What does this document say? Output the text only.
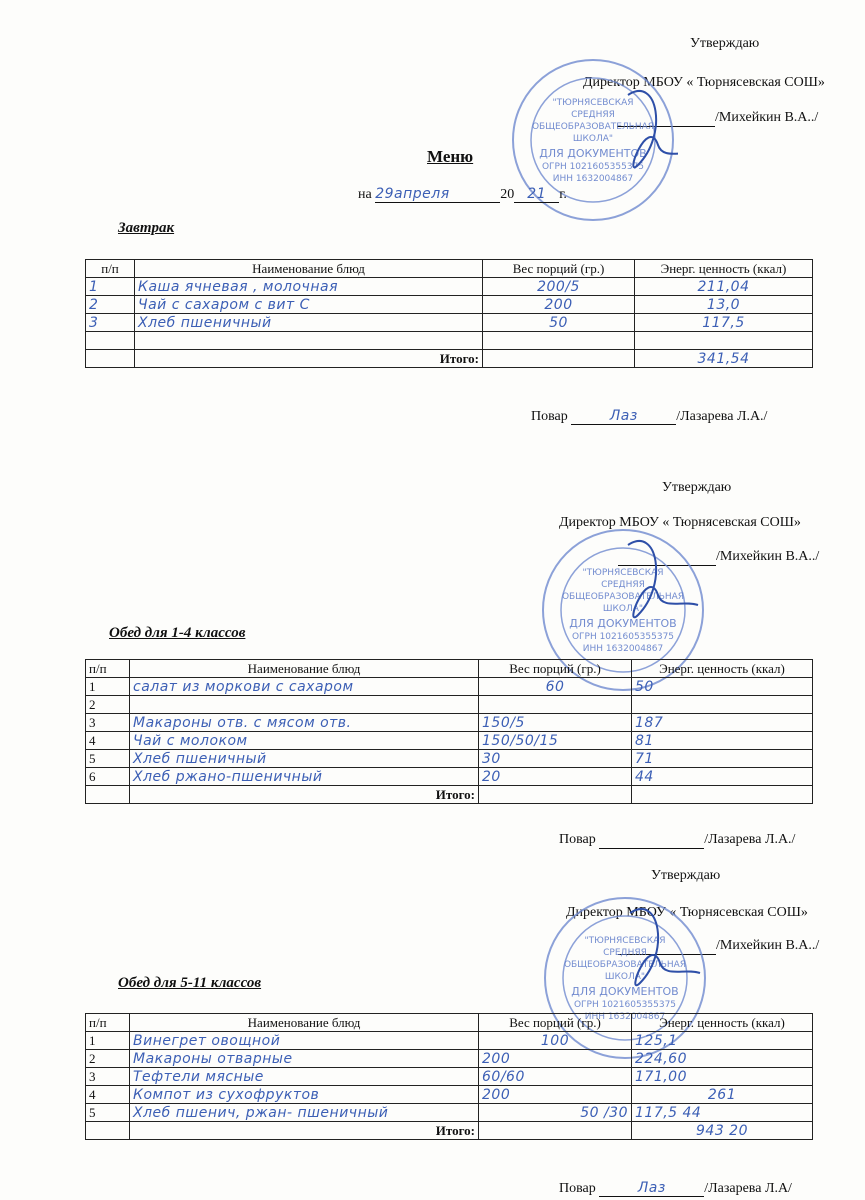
Утверждаю
Директор МБОУ « Тюрнясевская СОШ»
/Михейкин В.А../
"ТЮРНЯСЕВСКАЯ
СРЕДНЯЯ
ОБЩЕОБРАЗОВАТЕЛЬНАЯ
ШКОЛА"
ДЛЯ ДОКУМЕНТОВ
ОГРН 1021605355375
ИНН 1632004867
Меню
на 29апреля	20 21 г.
Завтрак
п/п	Наименование блюд	Вес порций (гр.)	Энерг. ценность (ккал)
1	Каша ячневая , молочная	200/5	211,04
2	Чай с сахаром с вит С	200	13,0
3	Хлеб пшеничный	50	117,5

	Итого:		341,54
Повар	Лаз	/Лазарева Л.А./
Утверждаю
Директор МБОУ « Тюрнясевская СОШ»
/Михейкин В.А../
"ТЮРНЯСЕВСКАЯ
СРЕДНЯЯ
ОБЩЕОБРАЗОВАТЕЛЬНАЯ
ШКОЛА"
ДЛЯ ДОКУМЕНТОВ
ОГРН 1021605355375
ИНН 1632004867
Обед для 1-4 классов
п/п	Наименование блюд	Вес порций (гр.)	Энерг. ценность (ккал)
1	салат из моркови с сахаром	60	50
2			
3	Макароны отв. с мясом отв.	150/5	187
4	Чай с молоком	150/50/15	81
5	Хлеб пшеничный	30	71
6	Хлеб ржано-пшеничный	20	44
	Итого:		
Повар	/Лазарева Л.А./
Утверждаю
Директор МБОУ « Тюрнясевская СОШ»
/Михейкин В.А../
"ТЮРНЯСЕВСКАЯ
СРЕДНЯЯ
ОБЩЕОБРАЗОВАТЕЛЬНАЯ
ШКОЛА"
ДЛЯ ДОКУМЕНТОВ
ОГРН 1021605355375
ИНН 1632004867
Обед для 5-11 классов
п/п	Наименование блюд	Вес порций (гр.)	Энерг. ценность (ккал)
1	Винегрет овощной	100	125,1
2	Макароны отварные	200	224,60
3	Тефтели мясные	60/60	171,00
4	Компот из сухофруктов	200	261
5	Хлеб пшенич, ржан- пшеничный	50 /30	117,5 44
	Итого:		943 20
Повар	Лаз	/Лазарева Л.А/
